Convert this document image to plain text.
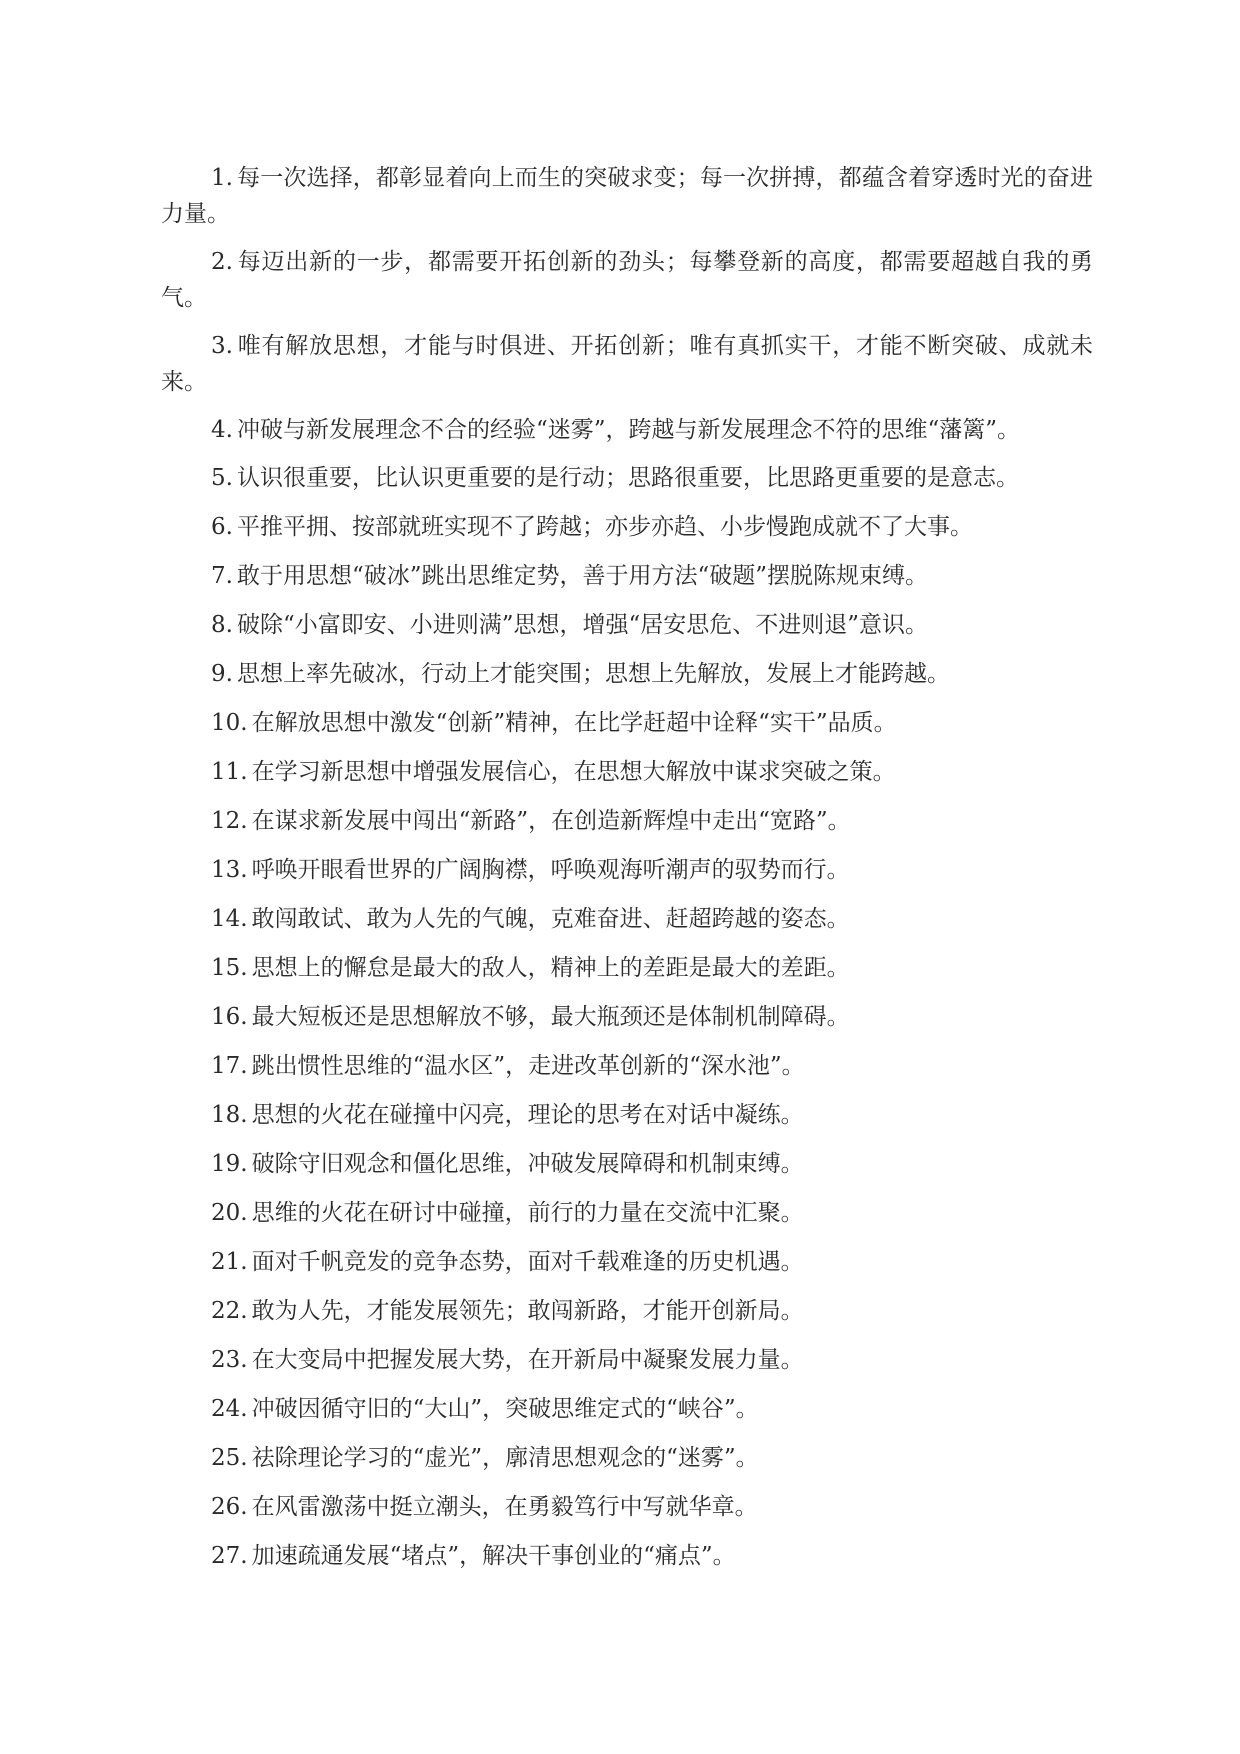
1. 每一次选择，都彰显着向上而生的突破求变；每一次拼搏，都蕴含着穿透时光的奋进力量。

2. 每迈出新的一步，都需要开拓创新的劲头；每攀登新的高度，都需要超越自我的勇气。

3. 唯有解放思想，才能与时俱进、开拓创新；唯有真抓实干，才能不断突破、成就未来。

4. 冲破与新发展理念不合的经验“迷雾”，跨越与新发展理念不符的思维“藩篱”。

5. 认识很重要，比认识更重要的是行动；思路很重要，比思路更重要的是意志。

6. 平推平拥、按部就班实现不了跨越；亦步亦趋、小步慢跑成就不了大事。

7. 敢于用思想“破冰”跳出思维定势，善于用方法“破题”摆脱陈规束缚。

8. 破除“小富即安、小进则满”思想，增强“居安思危、不进则退”意识。

9. 思想上率先破冰，行动上才能突围；思想上先解放，发展上才能跨越。

10. 在解放思想中激发“创新”精神，在比学赶超中诠释“实干”品质。

11. 在学习新思想中增强发展信心，在思想大解放中谋求突破之策。

12. 在谋求新发展中闯出“新路”，在创造新辉煌中走出“宽路”。

13. 呼唤开眼看世界的广阔胸襟，呼唤观海听潮声的驭势而行。

14. 敢闯敢试、敢为人先的气魄，克难奋进、赶超跨越的姿态。

15. 思想上的懈怠是最大的敌人，精神上的差距是最大的差距。

16. 最大短板还是思想解放不够，最大瓶颈还是体制机制障碍。

17. 跳出惯性思维的“温水区”，走进改革创新的“深水池”。

18. 思想的火花在碰撞中闪亮，理论的思考在对话中凝练。

19. 破除守旧观念和僵化思维，冲破发展障碍和机制束缚。

20. 思维的火花在研讨中碰撞，前行的力量在交流中汇聚。

21. 面对千帆竞发的竞争态势，面对千载难逢的历史机遇。

22. 敢为人先，才能发展领先；敢闯新路，才能开创新局。

23. 在大变局中把握发展大势，在开新局中凝聚发展力量。

24. 冲破因循守旧的“大山”，突破思维定式的“峡谷”。

25. 祛除理论学习的“虚光”，廓清思想观念的“迷雾”。

26. 在风雷激荡中挺立潮头，在勇毅笃行中写就华章。

27. 加速疏通发展“堵点”，解决干事创业的“痛点”。
